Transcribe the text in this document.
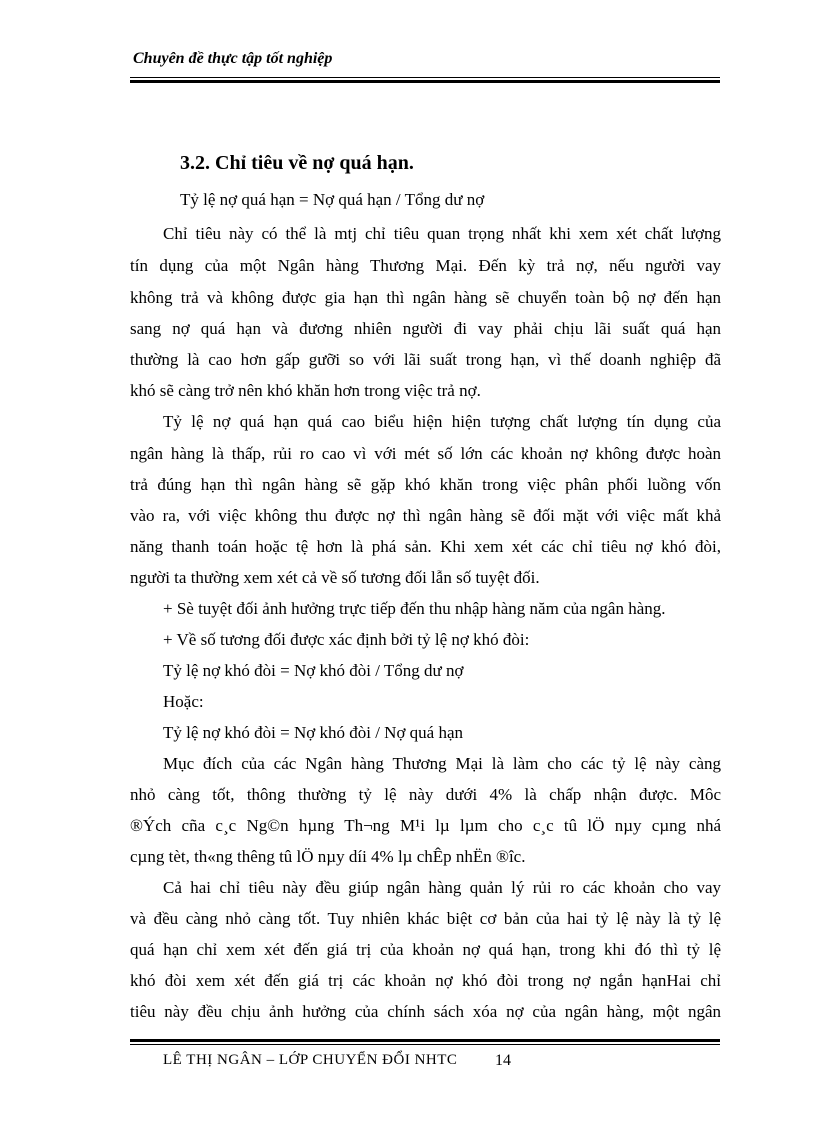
Chuyên đề thực tập tốt nghiệp
3.2. Chỉ tiêu về nợ quá hạn.
Tỷ lệ nợ quá hạn = Nợ quá hạn / Tổng dư nợ
Chỉ tiêu này có thể là mtj chỉ tiêu quan trọng nhất khi xem xét chất lượng
tín dụng của một Ngân hàng Thương Mại. Đến kỳ trả nợ, nếu người vay
không trả và không được gia hạn thì ngân hàng sẽ chuyển toàn bộ nợ đến hạn
sang nợ quá hạn và đương nhiên người đi vay phải chịu lãi suất quá hạn
thường là cao hơn gấp gưỡi so với lãi suất trong hạn, vì thế doanh nghiệp đã
khó sẽ càng trở nên khó khăn hơn trong việc trả nợ.
Tỷ lệ nợ quá hạn quá cao biểu hiện hiện tượng chất lượng tín dụng của
ngân hàng là thấp, rủi ro cao vì với mét số lớn các khoản nợ không được hoàn
trả đúng hạn thì ngân hàng sẽ gặp khó khăn trong việc phân phối luồng vốn
vào ra, với việc không thu được nợ thì ngân hàng sẽ đối mặt với việc mất khả
năng thanh toán hoặc tệ hơn là phá sản. Khi xem xét các chỉ tiêu nợ khó đòi,
người ta thường xem xét cả về số tương đối lẫn số tuyệt đối.
+ Sè tuyệt đối ảnh hưởng trực tiếp đến thu nhập hàng năm của ngân hàng.
+ Về số tương đối được xác định bởi tỷ lệ nợ khó đòi:
Tỷ lệ nợ khó đòi = Nợ khó đòi / Tổng dư nợ
Hoặc:
Tỷ lệ nợ khó đòi = Nợ khó đòi / Nợ quá hạn
Mục đích của các Ngân hàng Thương Mại là làm cho các tỷ lệ này càng
nhỏ càng tốt, thông thường tỷ lệ này dưới 4% là chấp nhận được. Môc
®Ých cña c¸c Ng©n hµng Th¬ng M¹i lµ lµm cho c¸c tû lÖ nµy cµng nhá
cµng tèt, th«ng thêng tû lÖ nµy díi 4% lµ chÊp nhËn ®îc.
Cả hai chỉ tiêu này đều giúp ngân hàng quản lý rủi ro các khoản cho vay
và đều càng nhỏ càng tốt. Tuy nhiên khác biệt cơ bản của hai tỷ lệ này là tỷ lệ
quá hạn chỉ xem xét đến giá trị của khoản nợ quá hạn, trong khi đó thì tỷ lệ
khó đòi xem xét đến giá trị các khoản nợ khó đòi trong nợ ngắn hạnHai chỉ
tiêu này đều chịu ảnh hưởng của chính sách xóa nợ của ngân hàng, một ngân
LÊ THỊ NGÂN – LỚP CHUYỂN ĐỔI NHTC 14
